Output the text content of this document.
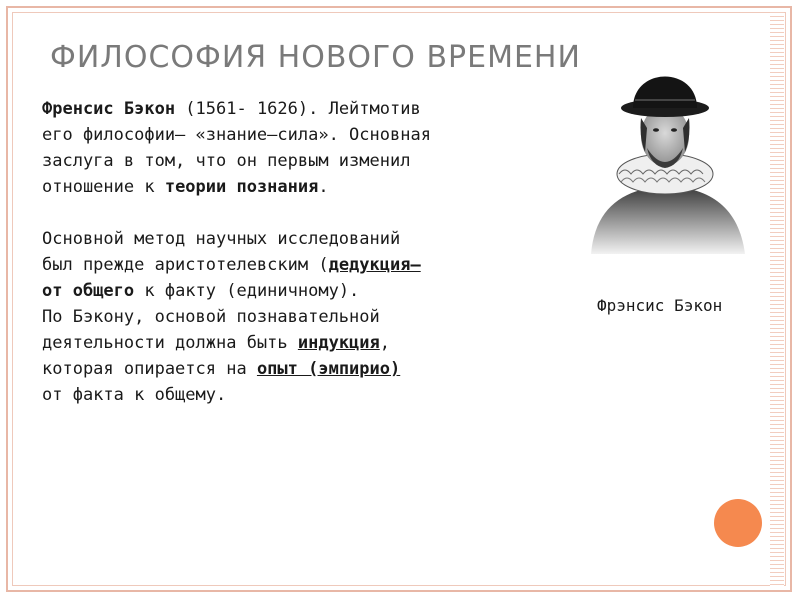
ФИЛОСОФИЯ НОВОГО ВРЕМЕНИ
Фрэнсис Бэкон

Френсис Бэкон (1561- 1626). Лейтмотив

его философии– «знание–сила». Основная

заслуга в том, что он первым изменил

отношение к теории познания.

Основной метод научных исследований

был прежде аристотелевским (дедукция–

от общего к факту (единичному).

По Бэкону, основой познавательной

деятельности должна быть индукция,

которая опирается на опыт (эмпирио)

от факта к общему.
